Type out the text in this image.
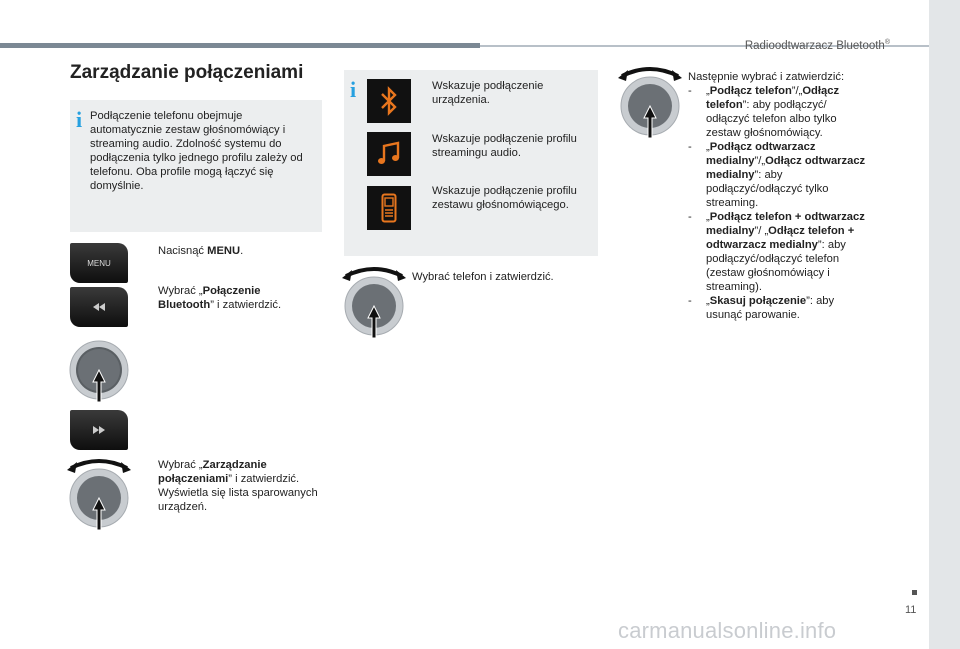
Radioodtwarzacz Bluetooth®
Zarządzanie połączeniami
i Podłączenie telefonu obejmuje automatycznie zestaw głośnomówiący i streaming audio. Zdolność systemu do podłączenia tylko jednego profilu zależy od telefonu. Oba profile mogą łączyć się domyślnie.
MENU
Nacisnąć MENU.
Wybrać „Połączenie Bluetooth” i zatwierdzić.
Wybrać „Zarządzanie połączeniami” i zatwierdzić. Wyświetla się lista sparowanych urządzeń.
i	Wskazuje podłączenie urządzenia.
Wskazuje podłączenie profilu streamingu audio.
Wskazuje podłączenie profilu zestawu głośnomówiącego.
Wybrać telefon i zatwierdzić.
Następnie wybrać i zatwierdzić:
- „Podłącz telefon”/„Odłącz telefon”: aby podłączyć/ odłączyć telefon albo tylko zestaw głośnomówiący.
- „Podłącz odtwarzacz medialny”/„Odłącz odtwarzacz medialny”: aby podłączyć/odłączyć tylko streaming.
- „Podłącz telefon + odtwarzacz medialny”/ „Odłącz telefon + odtwarzacz medialny”: aby podłączyć/odłączyć telefon (zestaw głośnomówiący i streaming).
- „Skasuj połączenie”: aby usunąć parowanie.
11
carmanualsonline.info
